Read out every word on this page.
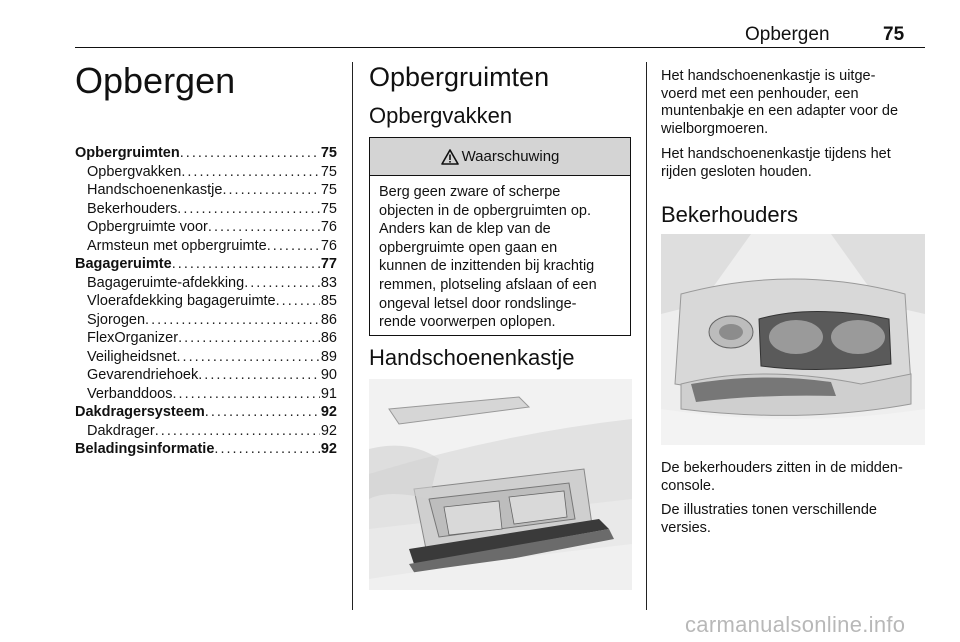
Opbergen	75
Opbergen
Opbergruimten . . .	75
Opbergvakken . . .	75
Handschoenenkastje . . .	75
Bekerhouders . . .	75
Opbergruimte voor . . .	76
Armsteun met opbergruimte . . .	76
Bagageruimte . . .	77
Bagageruimte-afdekking . . .	83
Vloerafdekking bagageruimte . . .	85
Sjorogen . . .	86
FlexOrganizer . . .	86
Veiligheidsnet . . .	89
Gevarendriehoek . . .	90
Verbanddoos . . .	91
Dakdragersysteem . . .	92
Dakdrager . . .	92
Beladingsinformatie . . .	92
Opbergruimten
Opbergvakken
Waarschuwing
Berg geen zware of scherpe
objecten in de opbergruimten op.
Anders kan de klep van de
opbergruimte open gaan en
kunnen de inzittenden bij krachtig
remmen, plotseling afslaan of een
ongeval letsel door rondslinge-
rende voorwerpen oplopen.
Handschoenenkastje
Het handschoenenkastje is uitge-
voerd met een penhouder, een
muntenbakje en een adapter voor de
wielborgmoeren.
Het handschoenenkastje tijdens het
rijden gesloten houden.
Bekerhouders
De bekerhouders zitten in de midden-
console.
De illustraties tonen verschillende
versies.
carmanualsonline.info
